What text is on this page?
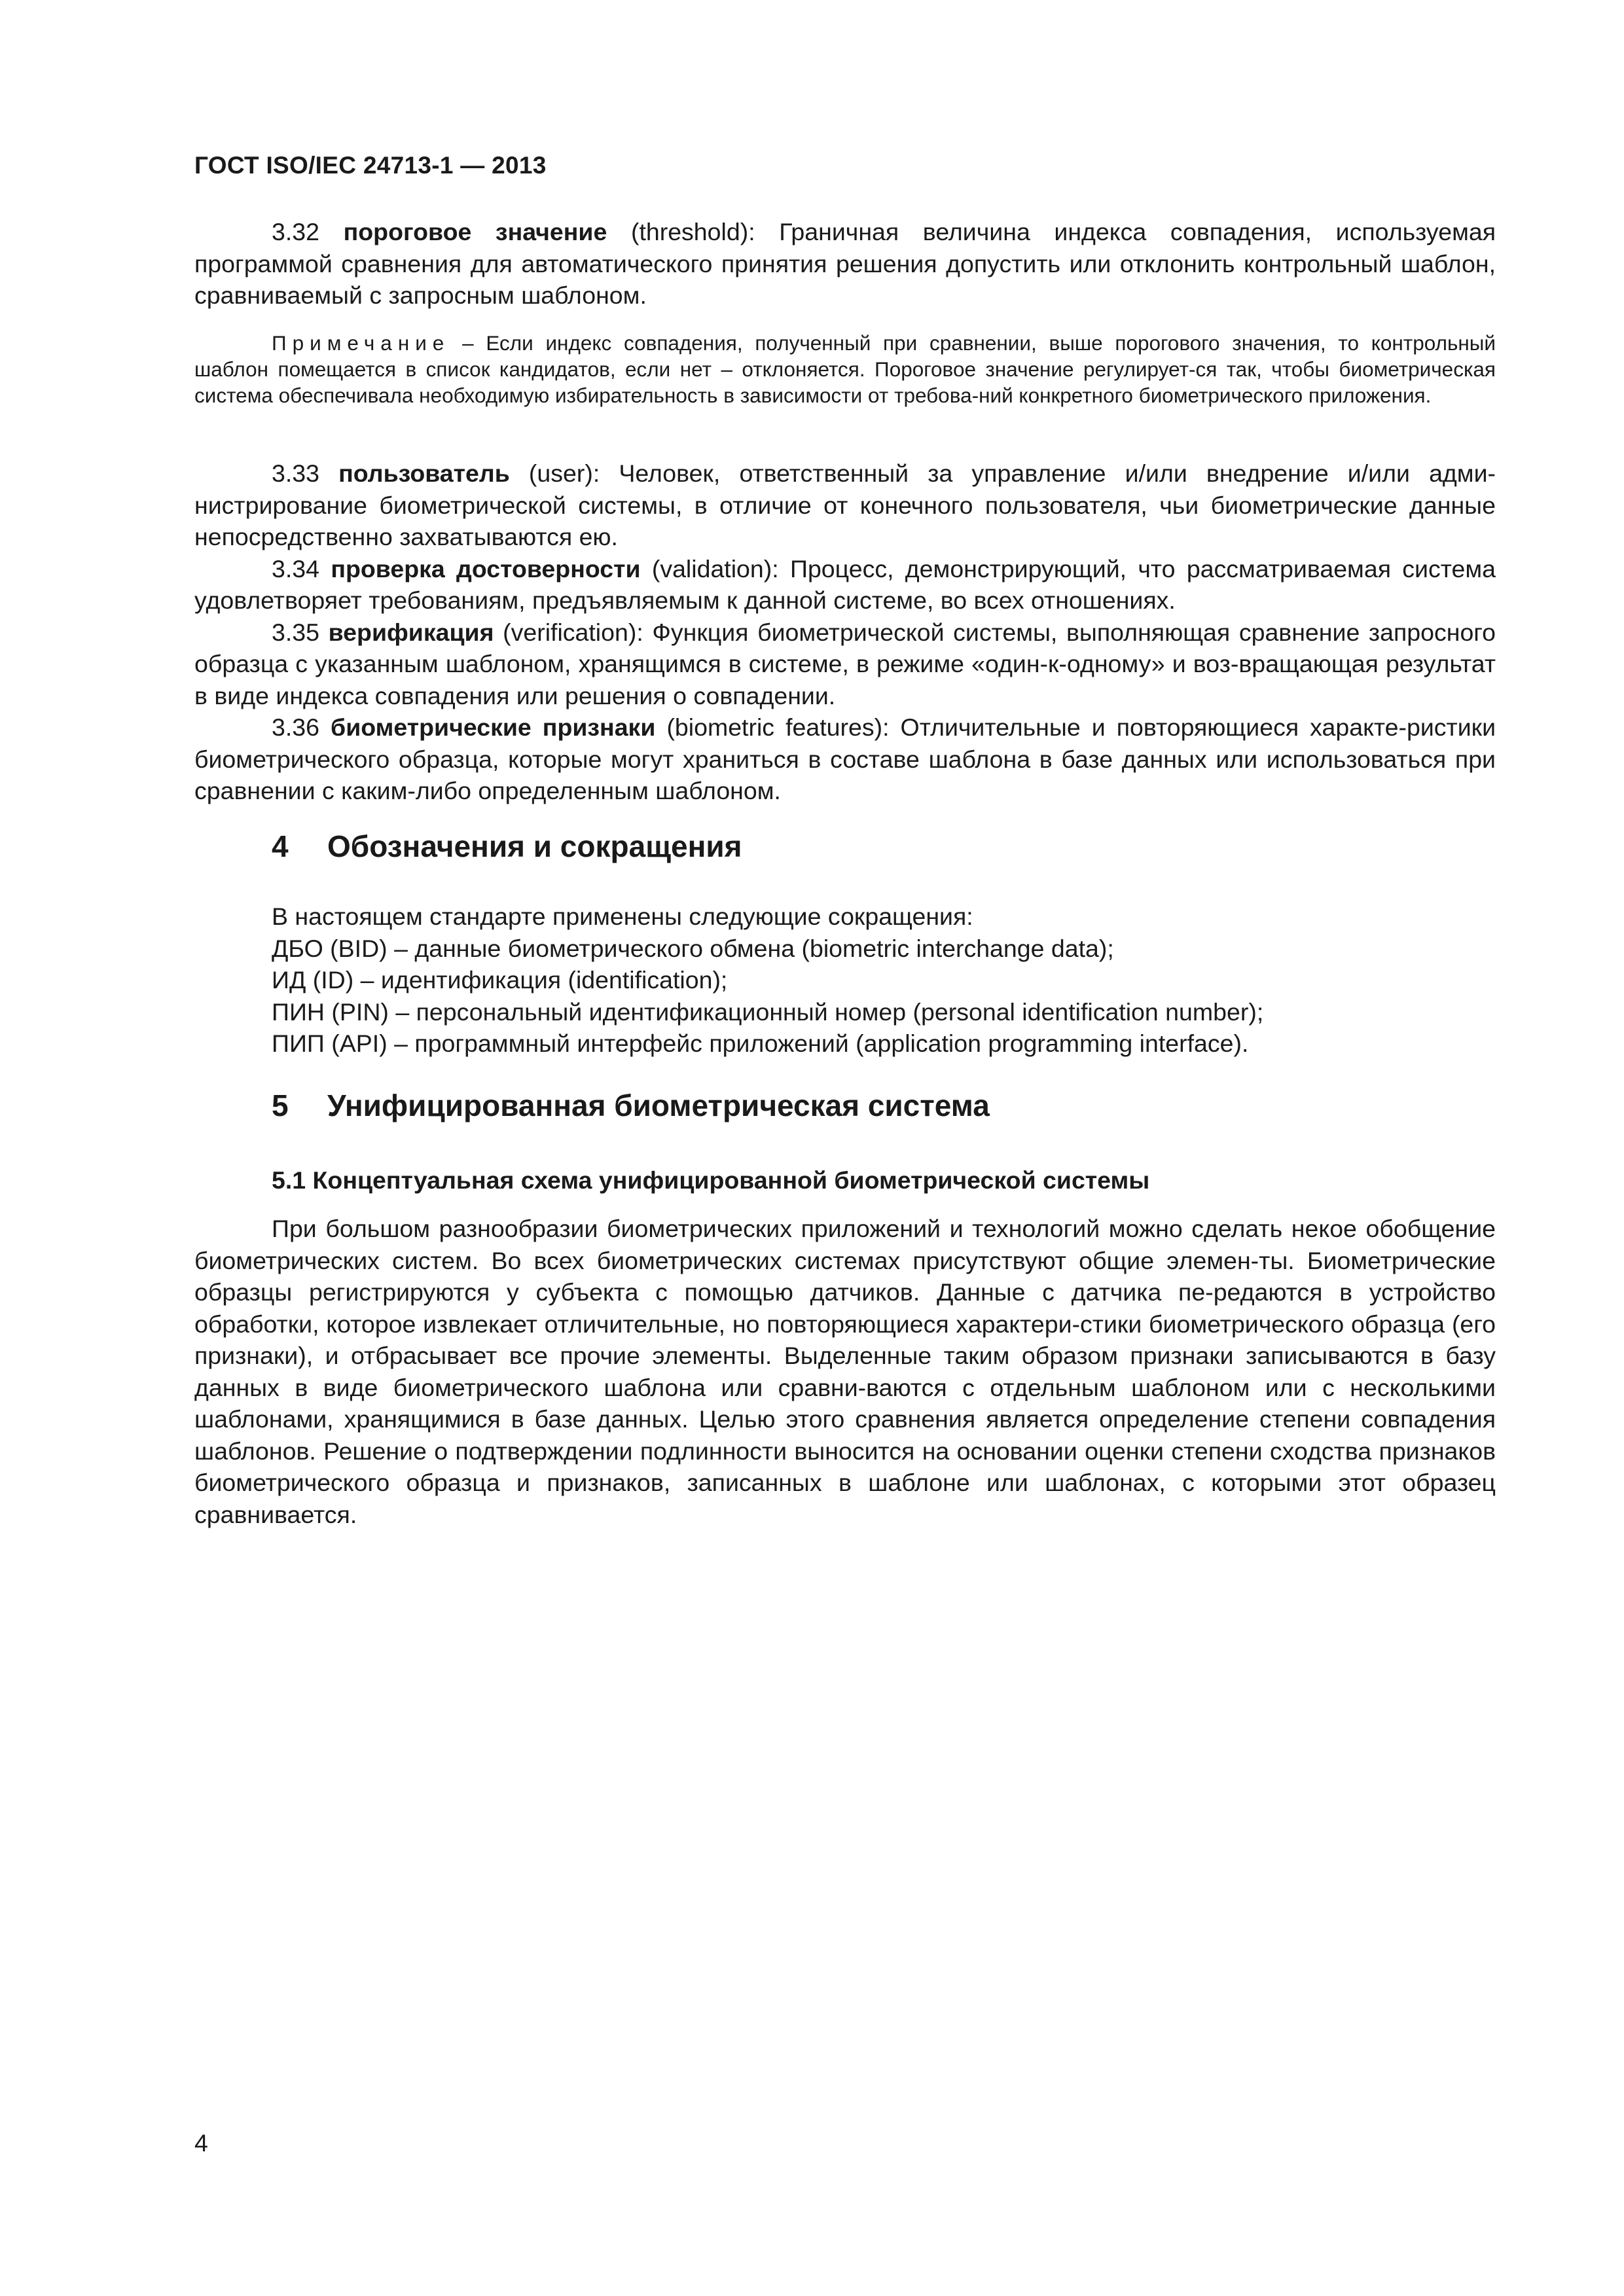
ГОСТ ISO/IEC 24713-1 — 2013

3.32 пороговое значение (threshold): Граничная величина индекса совпадения, используемая программой сравнения для автоматического принятия решения допустить или отклонить контрольный шаблон, сравниваемый с запросным шаблоном.

Примечание – Если индекс совпадения, полученный при сравнении, выше порогового значения, то контрольный шаблон помещается в список кандидатов, если нет – отклоняется. Пороговое значение регулирует-ся так, чтобы биометрическая система обеспечивала необходимую избирательность в зависимости от требова-ний конкретного биометрического приложения.

3.33 пользователь (user): Человек, ответственный за управление и/или внедрение и/или адми-нистрирование биометрической системы, в отличие от конечного пользователя, чьи биометрические данные непосредственно захватываются ею.

3.34 проверка достоверности (validation): Процесс, демонстрирующий, что рассматриваемая система удовлетворяет требованиям, предъявляемым к данной системе, во всех отношениях.

3.35 верификация (verification): Функция биометрической системы, выполняющая сравнение запросного образца с указанным шаблоном, хранящимся в системе, в режиме «один-к-одному» и воз-вращающая результат в виде индекса совпадения или решения о совпадении.

3.36 биометрические признаки (biometric features): Отличительные и повторяющиеся характе-ристики биометрического образца, которые могут храниться в составе шаблона в базе данных или использоваться при сравнении с каким-либо определенным шаблоном.

4 Обозначения и сокращения
В настоящем стандарте применены следующие сокращения:
ДБО (BID) – данные биометрического обмена (biometric interchange data);
ИД (ID) – идентификация (identification);
ПИН (PIN) – персональный идентификационный номер (personal identification number);
ПИП (API) – программный интерфейс приложений (application programming interface).
5 Унифицированная биометрическая система
5.1 Концептуальная схема унифицированной биометрической системы

При большом разнообразии биометрических приложений и технологий можно сделать некое обобщение биометрических систем. Во всех биометрических системах присутствуют общие элемен-ты. Биометрические образцы регистрируются у субъекта с помощью датчиков. Данные с датчика пе-редаются в устройство обработки, которое извлекает отличительные, но повторяющиеся характери-стики биометрического образца (его признаки), и отбрасывает все прочие элементы. Выделенные таким образом признаки записываются в базу данных в виде биометрического шаблона или сравни-ваются с отдельным шаблоном или с несколькими шаблонами, хранящимися в базе данных. Целью этого сравнения является определение степени совпадения шаблонов. Решение о подтверждении подлинности выносится на основании оценки степени сходства признаков биометрического образца и признаков, записанных в шаблоне или шаблонах, с которыми этот образец сравнивается.

4
